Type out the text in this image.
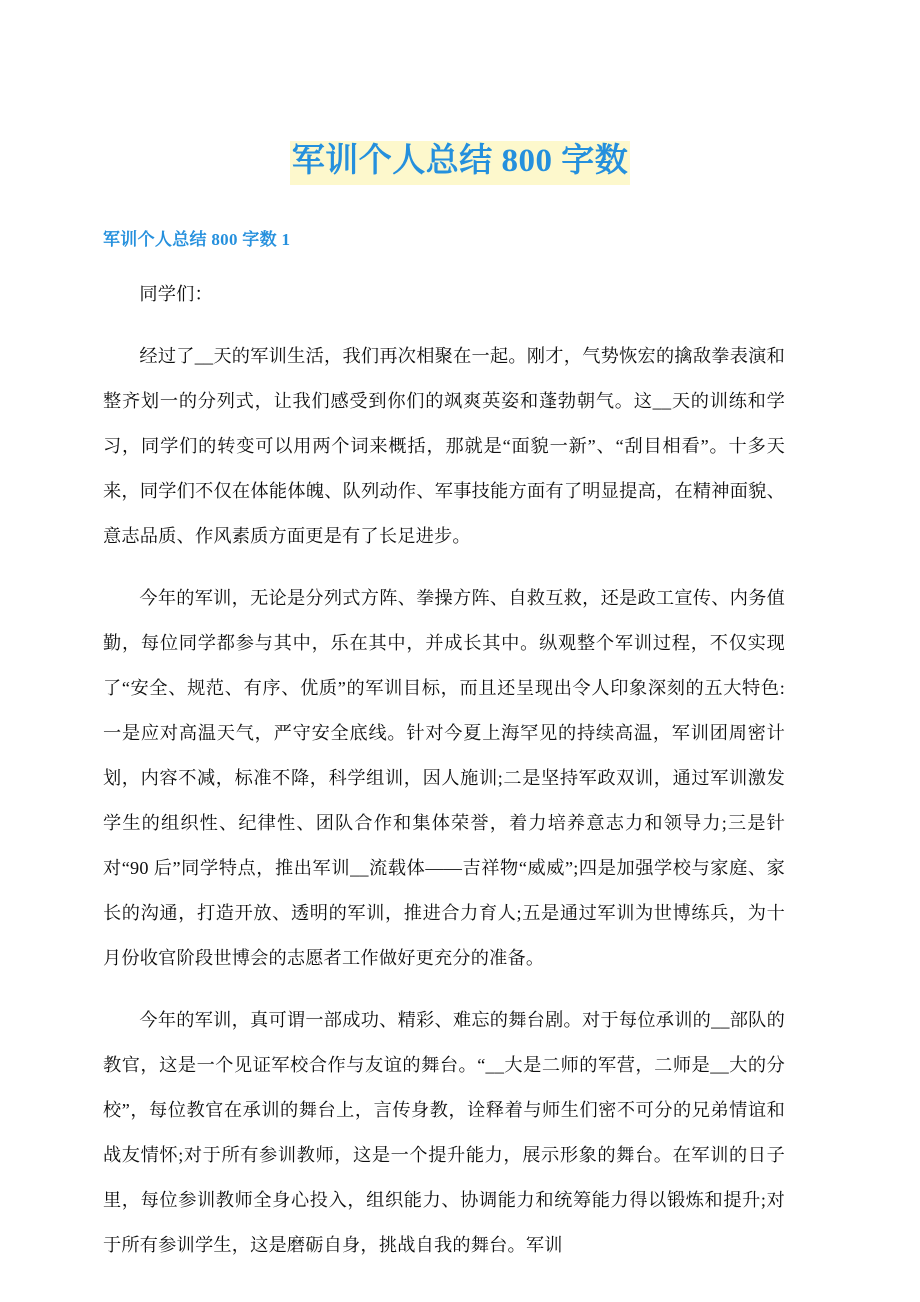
军训个人总结 800 字数
军训个人总结 800 字数 1

同学们：

经过了__天的军训生活，我们再次相聚在一起。刚才，气势恢宏的擒敌拳表演和整齐划一的分列式，让我们感受到你们的飒爽英姿和蓬勃朝气。这__天的训练和学习，同学们的转变可以用两个词来概括，那就是“面貌一新”、“刮目相看”。十多天来，同学们不仅在体能体魄、队列动作、军事技能方面有了明显提高，在精神面貌、意志品质、作风素质方面更是有了长足进步。

今年的军训，无论是分列式方阵、拳操方阵、自救互救，还是政工宣传、内务值勤，每位同学都参与其中，乐在其中，并成长其中。纵观整个军训过程，不仅实现了“安全、规范、有序、优质”的军训目标，而且还呈现出令人印象深刻的五大特色: 一是应对高温天气，严守安全底线。针对今夏上海罕见的持续高温，军训团周密计划，内容不减，标准不降，科学组训，因人施训;二是坚持军政双训，通过军训激发学生的组织性、纪律性、团队合作和集体荣誉，着力培养意志力和领导力;三是针对“90 后”同学特点，推出军训__流载体——吉祥物“威威”;四是加强学校与家庭、家长的沟通，打造开放、透明的军训，推进合力育人;五是通过军训为世博练兵，为十月份收官阶段世博会的志愿者工作做好更充分的准备。

今年的军训，真可谓一部成功、精彩、难忘的舞台剧。对于每位承训的__部队的教官，这是一个见证军校合作与友谊的舞台。“__大是二师的军营，二师是__大的分校”，每位教官在承训的舞台上，言传身教，诠释着与师生们密不可分的兄弟情谊和战友情怀;对于所有参训教师，这是一个提升能力，展示形象的舞台。在军训的日子里，每位参训教师全身心投入，组织能力、协调能力和统筹能力得以锻炼和提升;对于所有参训学生，这是磨砺自身，挑战自我的舞台。军训
